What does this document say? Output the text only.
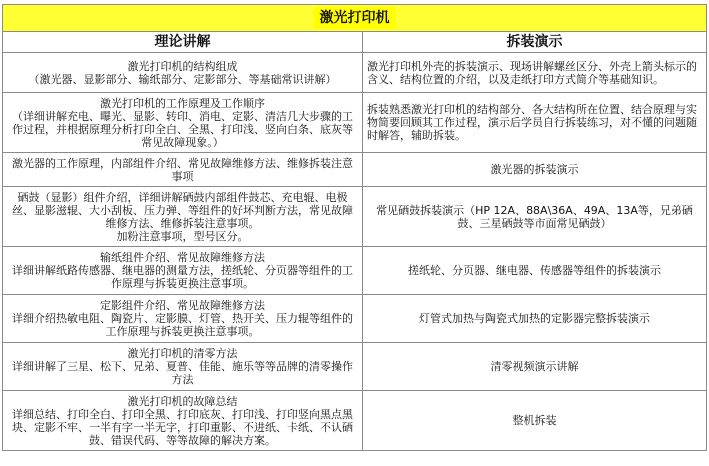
激光打印机	
理论讲解	拆装演示

激光打印机的结构组成
（激光器、显影部分、输纸部分、定影部分、等基础常识讲解）	激光打印机外壳的拆装演示、现场讲解螺丝区分、外壳上箭头标示的含义、结构位置的介绍，以及走纸打印方式简介等基础知识。

激光打印机的工作原理及工作顺序
（详细讲解充电、曝光、显影、转印、消电、定影、清洁几大步骤的工作过程，并根据原理分析打印全白、全黑、打印浅、竖向白条、底灰等常见故障现象。）	拆装熟悉激光打印机的结构部分、各大结构所在位置、结合原理与实物简要回顾其工作过程，演示后学员自行拆装练习，对不懂的问题随时解答，辅助拆装。

激光器的工作原理，内部组件介绍、常见故障维修方法、维修拆装注意事项	激光器的拆装演示

硒鼓（显影）组件介绍，详细讲解硒鼓内部组件鼓芯、充电辊、电极丝、显影滋辊、大小刮板、压力弹、等组件的好坏判断方法，常见故障维修方法、维修拆装注意事项。
加粉注意事项，型号区分。	常见硒鼓拆装演示（HP 12A、88A\36A、49A、13A等，兄弟硒鼓、三星硒鼓等市面常见硒鼓）

输纸组件介绍、常见故障维修方法
详细讲解纸路传感器、继电器的测量方法，搓纸轮、分页器等组件的工作原理与拆装更换注意事项。	搓纸轮、分页器、继电器、传感器等组件的拆装演示

定影组件介绍、常见故障维修方法
详细介绍热敏电阻、陶瓷片、定影膜、灯管、热开关、压力辊等组件的工作原理与拆装更换注意事项。	灯管式加热与陶瓷式加热的定影器完整拆装演示

激光打印机的清零方法
详细讲解了三星、松下、兄弟、夏普、佳能、施乐等等品牌的清零操作方法	清零视频演示讲解

激光打印机的故障总结
详细总结、打印全白、打印全黑、打印底灰、打印浅、打印竖向黑点黑块、定影不牢、一半有字一半无字，打印重影、不进纸、卡纸、不认硒鼓、错误代码、等等故障的解决方案。	整机拆装
